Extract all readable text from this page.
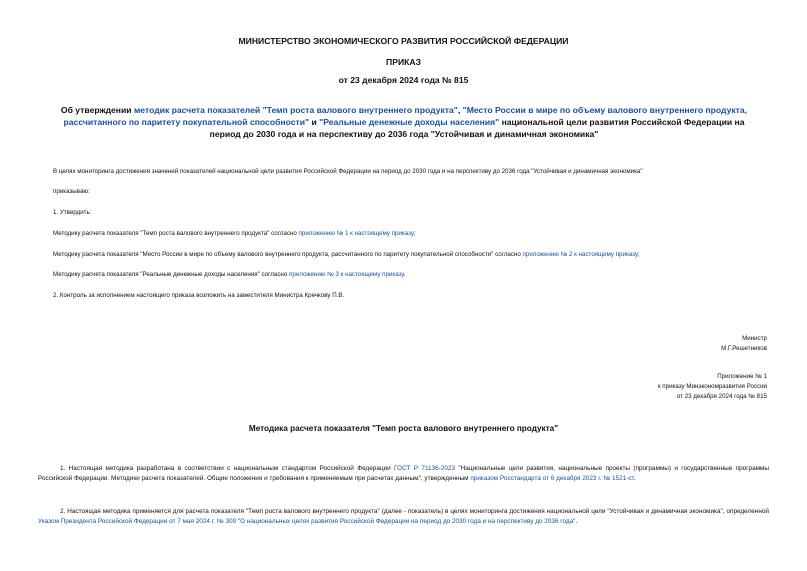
МИНИСТЕРСТВО ЭКОНОМИЧЕСКОГО РАЗВИТИЯ РОССИЙСКОЙ ФЕДЕРАЦИИ
ПРИКАЗ
от 23 декабря 2024 года № 815
Об утверждении методик расчета показателей "Темп роста валового внутреннего продукта", "Место России в мире по объему валового внутреннего продукта, рассчитанного по паритету покупательной способности" и "Реальные денежные доходы населения" национальной цели развития Российской Федерации на период до 2030 года и на перспективу до 2036 года "Устойчивая и динамичная экономика"
В целях мониторинга достижения значений показателей национальной цели развития Российской Федерации на период до 2030 года и на перспективу до 2036 года "Устойчивая и динамичная экономика"
приказываю:
1. Утвердить:
Методику расчета показателя "Темп роста валового внутреннего продукта" согласно приложению № 1 к настоящему приказу;
Методику расчета показателя "Место России в мире по объему валового внутреннего продукта, рассчитанного по паритету покупательной способности" согласно приложению № 2 к настоящему приказу;
Методику расчета показателя "Реальные денежные доходы населения" согласно приложению № 3 к настоящему приказу.
2. Контроль за исполнением настоящего приказа возложить на заместителя Министра Кречкову П.В.
Министр
М.Г.Решетников
Приложение № 1
к приказу Минэкономразвития России
от 23 декабря 2024 года № 815
Методика расчета показателя "Темп роста валового внутреннего продукта"
1. Настоящая методика разработана в соответствии с национальным стандартом Российской Федерации ГОСТ Р 71136-2023 "Национальные цели развития, национальные проекты (программы) и государственные программы Российской Федерации. Методики расчета показателей. Общие положения и требования к применяемым при расчетах данным", утвержденным приказом Росстандарта от 6 декабря 2023 г. № 1521-ст.
2. Настоящая методика применяется для расчета показателя "Темп роста валового внутреннего продукта" (далее - показатель) в целях мониторинга достижения национальной цели "Устойчивая и динамичная экономика", определенной Указом Президента Российской Федерации от 7 мая 2024 г. № 309 "О национальных целях развития Российской Федерации на период до 2030 года и на перспективу до 2036 года".
